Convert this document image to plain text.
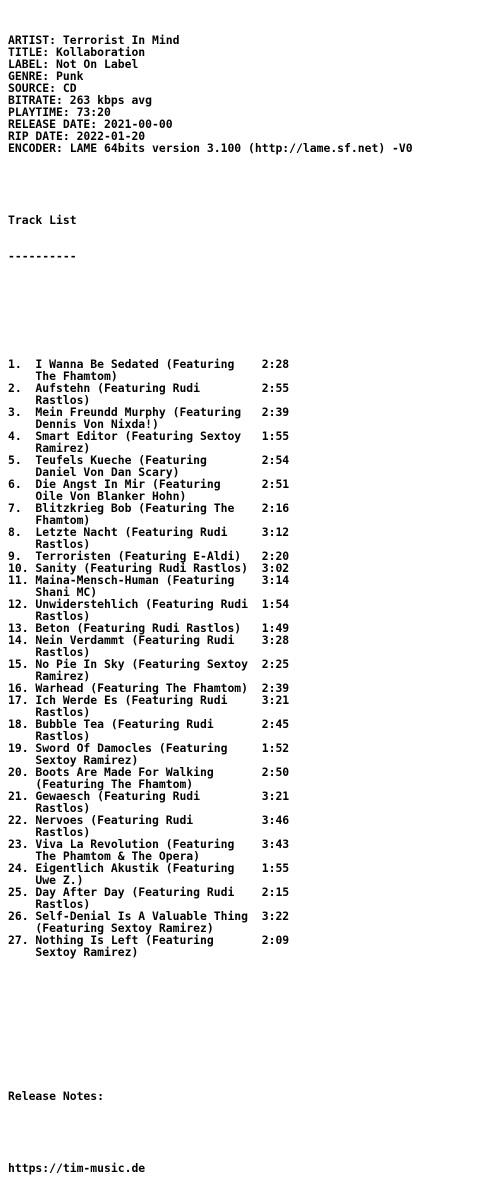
ARTIST: Terrorist In Mind
TITLE: Kollaboration
LABEL: Not On Label
GENRE: Punk
SOURCE: CD
BITRATE: 263 kbps avg
PLAYTIME: 73:20
RELEASE DATE: 2021-00-00
RIP DATE: 2022-01-20
ENCODER: LAME 64bits version 3.100 (http://lame.sf.net) -V0

Track List

----------

1.  I Wanna Be Sedated (Featuring    2:28
The Fhamtom)
2.  Aufstehn (Featuring Rudi         2:55
Rastlos)
3.  Mein Freundd Murphy (Featuring   2:39
Dennis Von Nixda!)
4.  Smart Editor (Featuring Sextoy   1:55
Ramirez)
5.  Teufels Kueche (Featuring        2:54
Daniel Von Dan Scary)
6.  Die Angst In Mir (Featuring      2:51
Oile Von Blanker Hohn)
7.  Blitzkrieg Bob (Featuring The    2:16
Fhamtom)
8.  Letzte Nacht (Featuring Rudi     3:12
Rastlos)
9.  Terroristen (Featuring E-Aldi)   2:20
10. Sanity (Featuring Rudi Rastlos)  3:02
11. Maina-Mensch-Human (Featuring    3:14
Shani MC)
12. Unwiderstehlich (Featuring Rudi  1:54
Rastlos)
13. Beton (Featuring Rudi Rastlos)   1:49
14. Nein Verdammt (Featuring Rudi    3:28
Rastlos)
15. No Pie In Sky (Featuring Sextoy  2:25
Ramirez)
16. Warhead (Featuring The Fhamtom)  2:39
17. Ich Werde Es (Featuring Rudi     3:21
Rastlos)
18. Bubble Tea (Featuring Rudi       2:45
Rastlos)
19. Sword Of Damocles (Featuring     1:52
Sextoy Ramirez)
20. Boots Are Made For Walking       2:50
(Featuring The Fhamtom)
21. Gewaesch (Featuring Rudi         3:21
Rastlos)
22. Nervoes (Featuring Rudi          3:46
Rastlos)
23. Viva La Revolution (Featuring    3:43
The Phamtom & The Opera)
24. Eigentlich Akustik (Featuring    1:55
Uwe Z.)
25. Day After Day (Featuring Rudi    2:15
Rastlos)
26. Self-Denial Is A Valuable Thing  3:22
(Featuring Sextoy Ramirez)
27. Nothing Is Left (Featuring       2:09
Sextoy Ramirez)

Release Notes:

https://tim-music.de
